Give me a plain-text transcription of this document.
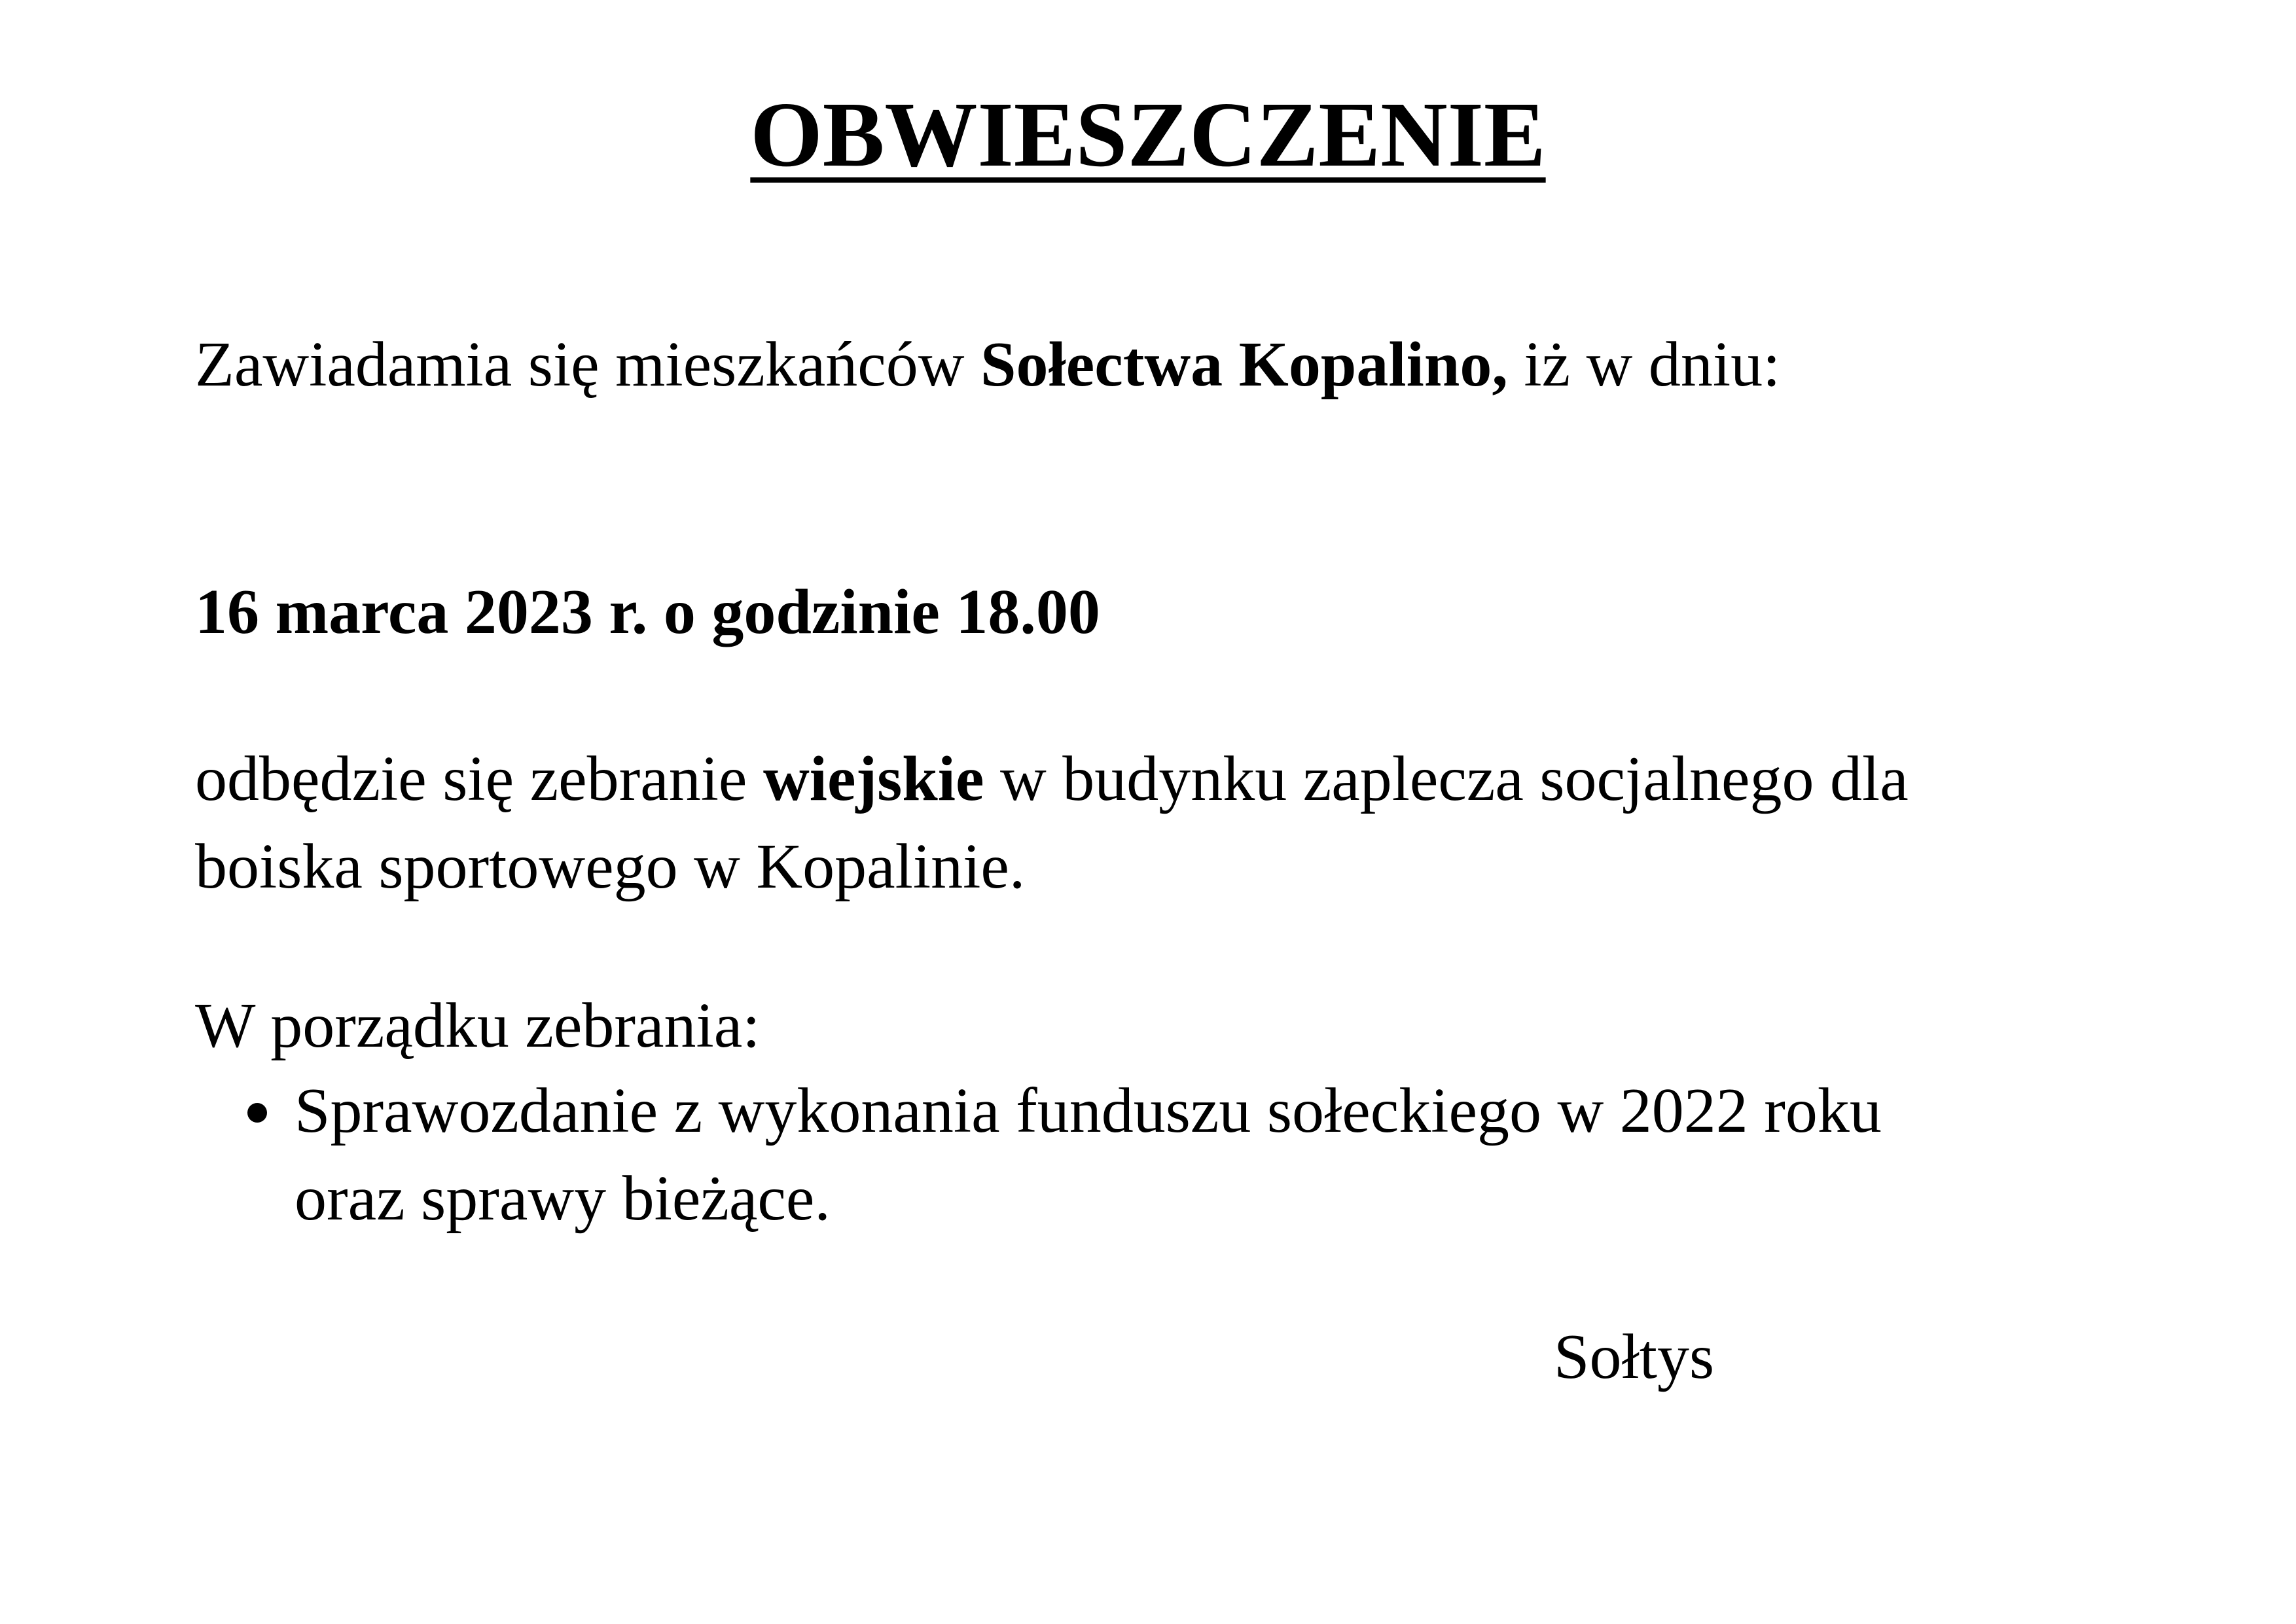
OBWIESZCZENIE

Zawiadamia się mieszkańców Sołectwa Kopalino, iż w dniu:

16 marca 2023 r. o godzinie 18.00

odbędzie się zebranie wiejskie w budynku zaplecza socjalnego dla
boiska sportowego w Kopalinie.

W porządku zebrania:

Sprawozdanie z wykonania funduszu sołeckiego w 2022 roku
oraz sprawy bieżące.

Sołtys
